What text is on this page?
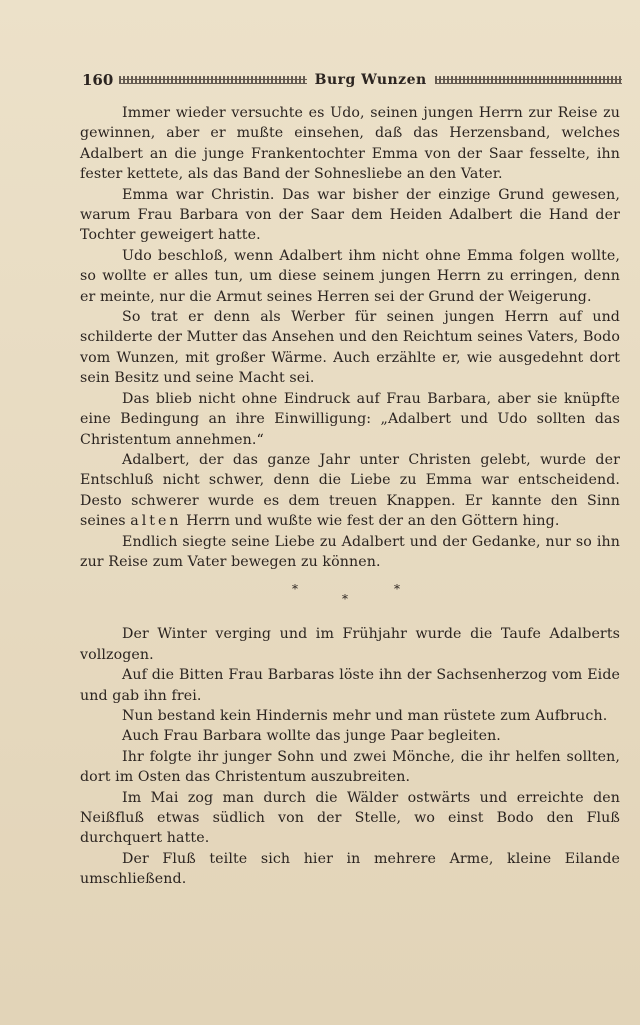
160	Burg Wunzen

Immer wieder versuchte es Udo, seinen jungen Herrn zur Reise zu gewinnen, aber er mußte einsehen, daß das Herzensband, welches Adalbert an die junge Frankentochter Emma von der Saar fesselte, ihn fester kettete, als das Band der Sohnesliebe an den Vater.

Emma war Christin. Das war bisher der einzige Grund gewesen, warum Frau Barbara von der Saar dem Heiden Adalbert die Hand der Tochter geweigert hatte.

Udo beschloß, wenn Adalbert ihm nicht ohne Emma folgen wollte, so wollte er alles tun, um diese seinem jungen Herrn zu erringen, denn er meinte, nur die Armut seines Herren sei der Grund der Weigerung.

So trat er denn als Werber für seinen jungen Herrn auf und schilderte der Mutter das Ansehen und den Reichtum seines Vaters, Bodo vom Wunzen, mit großer Wärme. Auch erzählte er, wie ausgedehnt dort sein Besitz und seine Macht sei.

Das blieb nicht ohne Eindruck auf Frau Barbara, aber sie knüpfte eine Bedingung an ihre Einwilligung: „Adalbert und Udo sollten das Christentum annehmen.“

Adalbert, der das ganze Jahr unter Christen gelebt, wurde der Entschluß nicht schwer, denn die Liebe zu Emma war entscheidend. Desto schwerer wurde es dem treuen Knappen. Er kannte den Sinn seines alten Herrn und wußte wie fest der an den Göttern hing.

Endlich siegte seine Liebe zu Adalbert und der Gedanke, nur so ihn zur Reise zum Vater bewegen zu können.

*
*
*

Der Winter verging und im Frühjahr wurde die Taufe Adalberts vollzogen.

Auf die Bitten Frau Barbaras löste ihn der Sachsenherzog vom Eide und gab ihn frei.

Nun bestand kein Hindernis mehr und man rüstete zum Aufbruch.

Auch Frau Barbara wollte das junge Paar begleiten.

Ihr folgte ihr junger Sohn und zwei Mönche, die ihr helfen sollten, dort im Osten das Christentum auszubreiten.

Im Mai zog man durch die Wälder ostwärts und erreichte den Neißfluß etwas südlich von der Stelle, wo einst Bodo den Fluß durchquert hatte.

Der Fluß teilte sich hier in mehrere Arme, kleine Eilande umschließend.
